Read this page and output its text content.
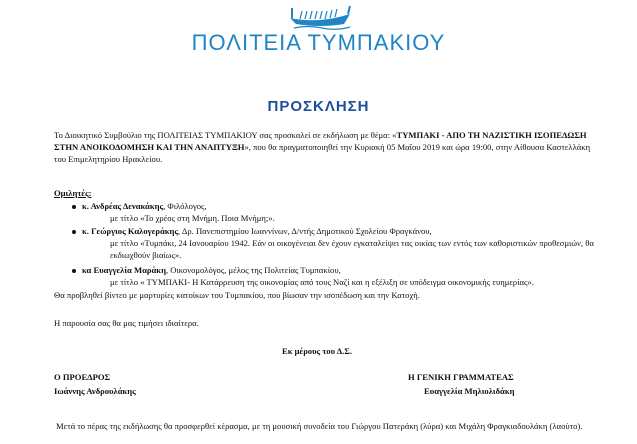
ΠΟΛΙΤΕΙΑ ΤΥΜΠΑΚΙΟΥ
ΠΡΟΣΚΛΗΣΗ
Το Διοικητικό Συμβούλιο της ΠΟΛΙΤΕΙΑΣ ΤΥΜΠΑΚΙΟΥ σας προσκαλεί σε εκδήλωση με θέμα: «ΤΥΜΠΑΚΙ - ΑΠΟ ΤΗ ΝΑΖΙΣΤΙΚΗ ΙΣΟΠΕΔΩΣΗ
ΣΤΗΝ ΑΝΟΙΚΟΔΟΜΗΣΗ ΚΑΙ ΤΗΝ ΑΝΑΠΤΥΞΗ», που θα πραγματοποιηθεί την Κυριακή 05 Μαΐου 2019 και ώρα 19:00, στην Αίθουσα Καστελλάκη
του Επιμελητηρίου Ηρακλείου.
Ομιλητές:
κ. Ανδρέας Δενακάκης, Φιλόλογος,
με τίτλο «Το χρέος στη Μνήμη. Ποια Μνήμη;».
κ. Γεώργιος Καλογεράκης, Δρ. Πανεπιστημίου Ιωαννίνων, Δ/ντής Δημοτικού Σχολείου Φραγκάνου,
με τίτλο «Τυμπάκι, 24 Ιανουαρίου 1942. Εάν οι οικογένειαι δεν έχουν εγκαταλείψει τας οικίας των εντός των καθοριστικών προθεσμιών, θα
εκδιωχθούν βιαίως».
κα Ευαγγελία Μαράκη, Οικονομολόγος, μέλος της Πολιτείας Τυμπακίου,
με τίτλο « ΤΥΜΠΑΚΙ- Η Κατάρρευση της οικονομίας από τους Ναζί και η εξέλιξη σε υπόδειγμα οικονομικής ευημερίας».
Θα προβληθεί βίντεο με μαρτυρίες κατοίκων του Τυμπακίου, που βίωσαν την ισοπέδωση και την Κατοχή.
Η παρουσία σας θα μας τιμήσει ιδιαίτερα.
Εκ μέρους του Δ.Σ.
Ο ΠΡΟΕΔΡΟΣ
Ιωάννης Ανδρουλάκης
Η ΓΕΝΙΚΗ ΓΡΑΜΜΑΤΕΑΣ
Ευαγγελία Μηλιολιδάκη
Μετά το πέρας της εκδήλωσης θα προσφερθεί κέρασμα, με τη μουσική συνοδεία του Γιώργου Πατεράκη (λύρα) και Μιχάλη Φραγκιαδουλάκη (λαούτο).
